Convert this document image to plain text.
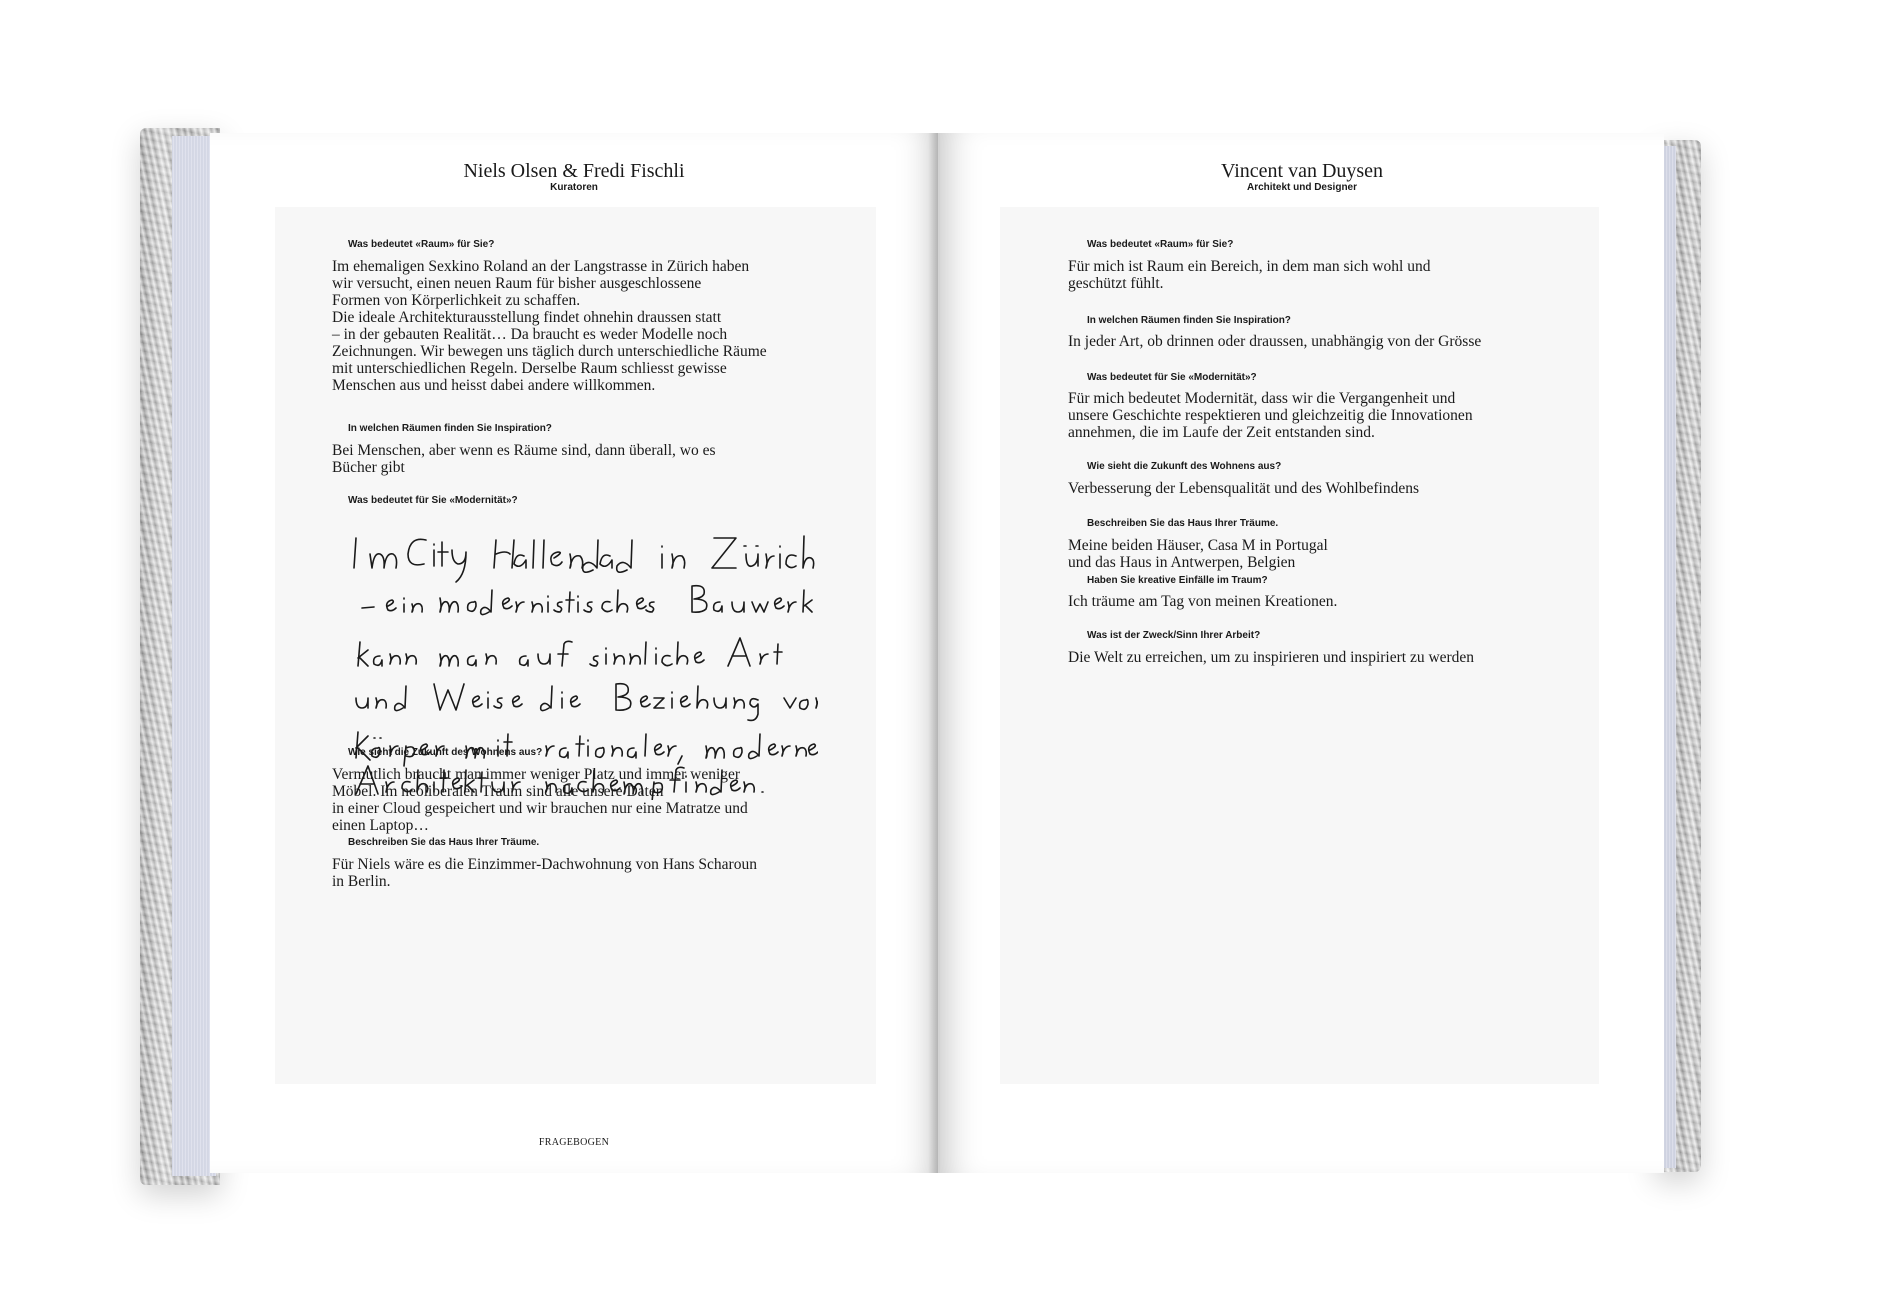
Niels Olsen & Fredi Fischli
Kuratoren
Was bedeutet «Raum» für Sie?
Im ehemaligen Sexkino Roland an der Langstrasse in Zürich haben
wir versucht, einen neuen Raum für bisher ausgeschlossene
Formen von Körperlichkeit zu schaffen.
Die ideale Architekturausstellung findet ohnehin draussen statt
– in der gebauten Realität… Da braucht es weder Modelle noch
Zeichnungen. Wir bewegen uns täglich durch unterschiedliche Räume
mit unterschiedlichen Regeln. Derselbe Raum schliesst gewisse
Menschen aus und heisst dabei andere willkommen.
In welchen Räumen finden Sie Inspiration?
Bei Menschen, aber wenn es Räume sind, dann überall, wo es
Bücher gibt
Was bedeutet für Sie «Modernität»?
Wie sieht die Zukunft des Wohnens aus?
Vermutlich braucht man immer weniger Platz und immer weniger
Möbel. Im neoliberalen Traum sind alle unsere Daten
in einer Cloud gespeichert und wir brauchen nur eine Matratze und
einen Laptop…
Beschreiben Sie das Haus Ihrer Träume.
Für Niels wäre es die Einzimmer-Dachwohnung von Hans Scharoun
in Berlin.
FRAGEBOGEN
Vincent van Duysen
Architekt und Designer
Was bedeutet «Raum» für Sie?
Für mich ist Raum ein Bereich, in dem man sich wohl und
geschützt fühlt.
In welchen Räumen finden Sie Inspiration?
In jeder Art, ob drinnen oder draussen, unabhängig von der Grösse
Was bedeutet für Sie «Modernität»?
Für mich bedeutet Modernität, dass wir die Vergangenheit und
unsere Geschichte respektieren und gleichzeitig die Innovationen
annehmen, die im Laufe der Zeit entstanden sind.
Wie sieht die Zukunft des Wohnens aus?
Verbesserung der Lebensqualität und des Wohlbefindens
Beschreiben Sie das Haus Ihrer Träume.
Meine beiden Häuser, Casa M in Portugal
und das Haus in Antwerpen, Belgien
Haben Sie kreative Einfälle im Traum?
Ich träume am Tag von meinen Kreationen.
Was ist der Zweck/Sinn Ihrer Arbeit?
Die Welt zu erreichen, um zu inspirieren und inspiriert zu werden
